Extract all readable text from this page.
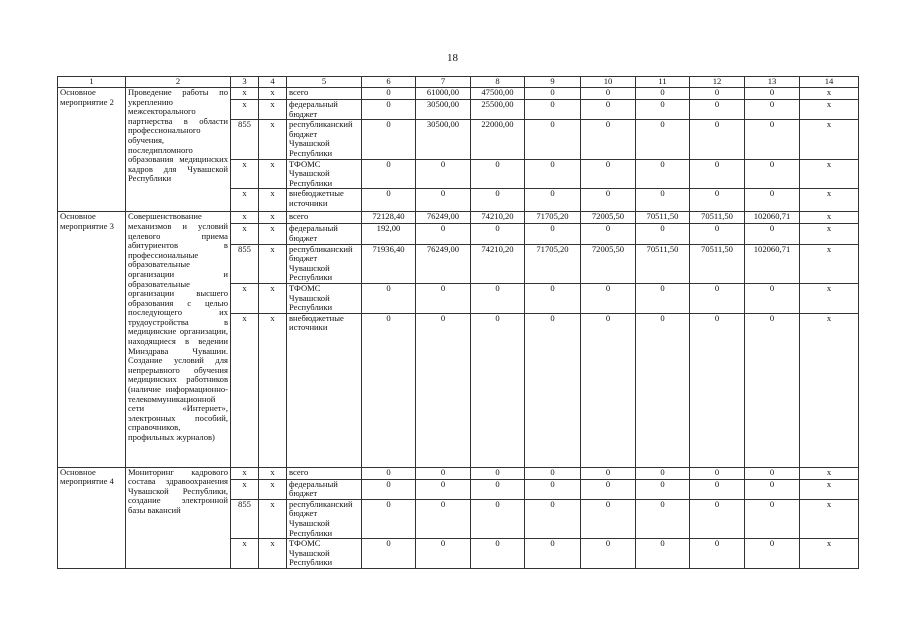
18
1	2	3	4	5	6	7	8	9	10	11	12	13	14
Основное мероприятие 2	Проведение работы по укреплению межсекторального партнерства в области профессионального обучения, последипломного образования медицинских кадров для Чувашской Республики	x	x	всего	0	61000,00	47500,00	0	0	0	0	0	x
		x	x	федеральный бюджет	0	30500,00	25500,00	0	0	0	0	0	x
		855	x	республиканский бюджет Чувашской Республики	0	30500,00	22000,00	0	0	0	0	0	x
		x	x	ТФОМС Чувашской Республики	0	0	0	0	0	0	0	0	x
		x	x	внебюджетные источники	0	0	0	0	0	0	0	0	x
Основное мероприятие 3	Совершенствование механизмов и условий целевого приема абитуриентов в профессиональные образовательные организации и образовательные организации высшего образования с целью последующего их трудоустройства в медицинские организации, находящиеся в ведении Минздрава Чувашии. Создание условий для непрерывного обучения медицинских работников (наличие информационно-телекоммуникационной сети «Интернет», электронных пособий, справочников, профильных журналов)	x	x	всего	72128,40	76249,00	74210,20	71705,20	72005,50	70511,50	70511,50	102060,71	x
		x	x	федеральный бюджет	192,00	0	0	0	0	0	0	0	x
		855	x	республиканский бюджет Чувашской Республики	71936,40	76249,00	74210,20	71705,20	72005,50	70511,50	70511,50	102060,71	x
		x	x	ТФОМС Чувашской Республики	0	0	0	0	0	0	0	0	x
		x	x	внебюджетные источники	0	0	0	0	0	0	0	0	x
Основное мероприятие 4	Мониторинг кадрового состава здравоохранения Чувашской Республики, создание электронной базы вакансий	x	x	всего	0	0	0	0	0	0	0	0	x
		x	x	федеральный бюджет	0	0	0	0	0	0	0	0	x
		855	x	республиканский бюджет Чувашской Республики	0	0	0	0	0	0	0	0	x
		x	x	ТФОМС Чувашской Республики	0	0	0	0	0	0	0	0	x
